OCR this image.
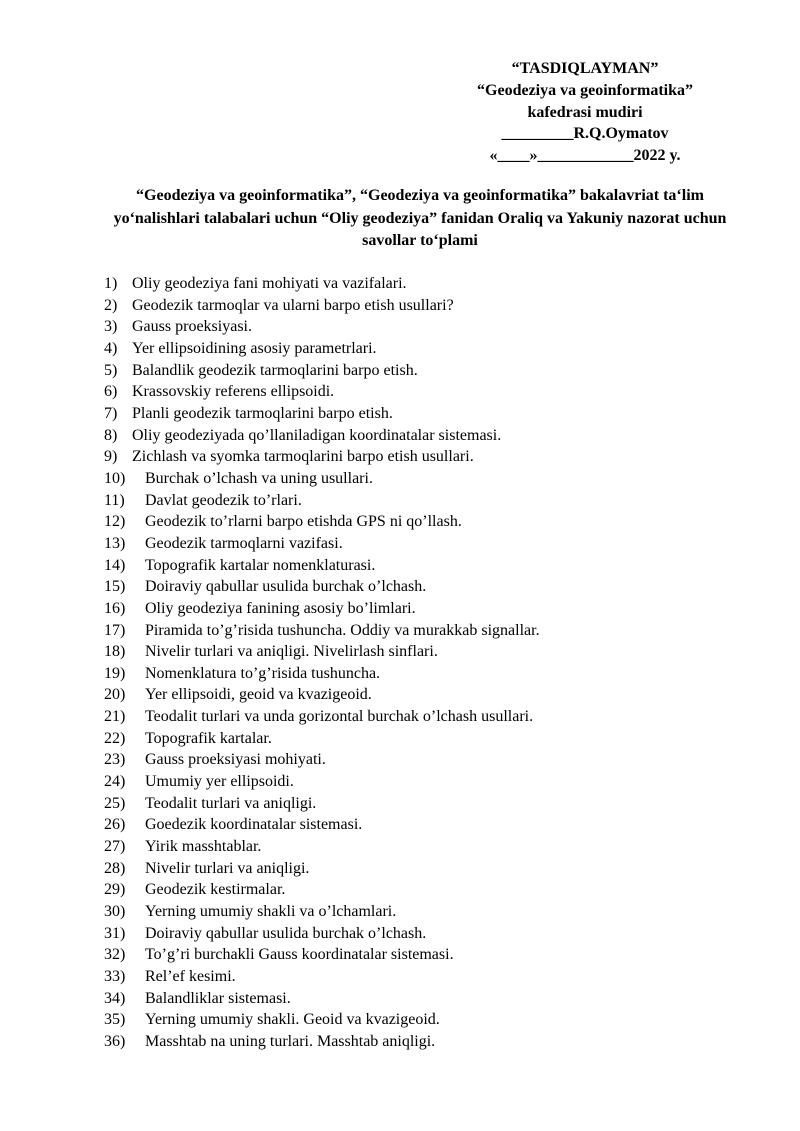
“TASDIQLAYMAN”
“Geodeziya va geoinformatika”
kafedrasi mudiri
_________R.Q.Oymatov
«____»____________2022 y.
“Geodeziya va geoinformatika”, “Geodeziya va geoinformatika” bakalavriat ta‘lim yo‘nalishlari talabalari uchun “Oliy geodeziya” fanidan Oraliq va Yakuniy nazorat uchun savollar to‘plami
1) Oliy geodeziya fani mohiyati va vazifalari.
2) Geodezik tarmoqlar va ularni barpo etish usullari?
3) Gauss proeksiyasi.
4) Yer ellipsoidining asosiy parametrlari.
5) Balandlik geodezik tarmoqlarini barpo etish.
6) Krassovskiy referens ellipsoidi.
7) Planli geodezik tarmoqlarini barpo etish.
8) Oliy geodeziyada qo’llaniladigan koordinatalar sistemasi.
9) Zichlash va syomka tarmoqlarini barpo etish usullari.
10)	Burchak o’lchash va uning usullari.
11)	Davlat geodezik to’rlari.
12)	Geodezik to’rlarni barpo etishda GPS ni qo’llash.
13)	Geodezik tarmoqlarni vazifasi.
14)	Topografik kartalar nomenklaturasi.
15)	Doiraviy qabullar usulida burchak o’lchash.
16)	Oliy geodeziya fanining asosiy bo’limlari.
17)	Piramida to’g’risida tushuncha. Oddiy va murakkab signallar.
18)	Nivelir turlari va aniqligi. Nivelirlash sinflari.
19)	Nomenklatura to’g’risida tushuncha.
20)	Yer ellipsoidi, geoid va kvazigeoid.
21)	Teodalit turlari va unda gorizontal burchak o’lchash usullari.
22)	Topografik kartalar.
23)	Gauss proeksiyasi mohiyati.
24)	Umumiy yer ellipsoidi.
25)	Teodalit turlari va aniqligi.
26)	Goedezik koordinatalar sistemasi.
27)	Yirik masshtablar.
28)	Nivelir turlari va aniqligi.
29)	Geodezik kestirmalar.
30)	Yerning umumiy shakli va o’lchamlari.
31)	Doiraviy qabullar usulida burchak o’lchash.
32)	To’g’ri burchakli Gauss koordinatalar sistemasi.
33)	Rel’ef kesimi.
34)	Balandliklar sistemasi.
35)	Yerning umumiy shakli. Geoid va kvazigeoid.
36)	Masshtab na uning turlari. Masshtab aniqligi.
